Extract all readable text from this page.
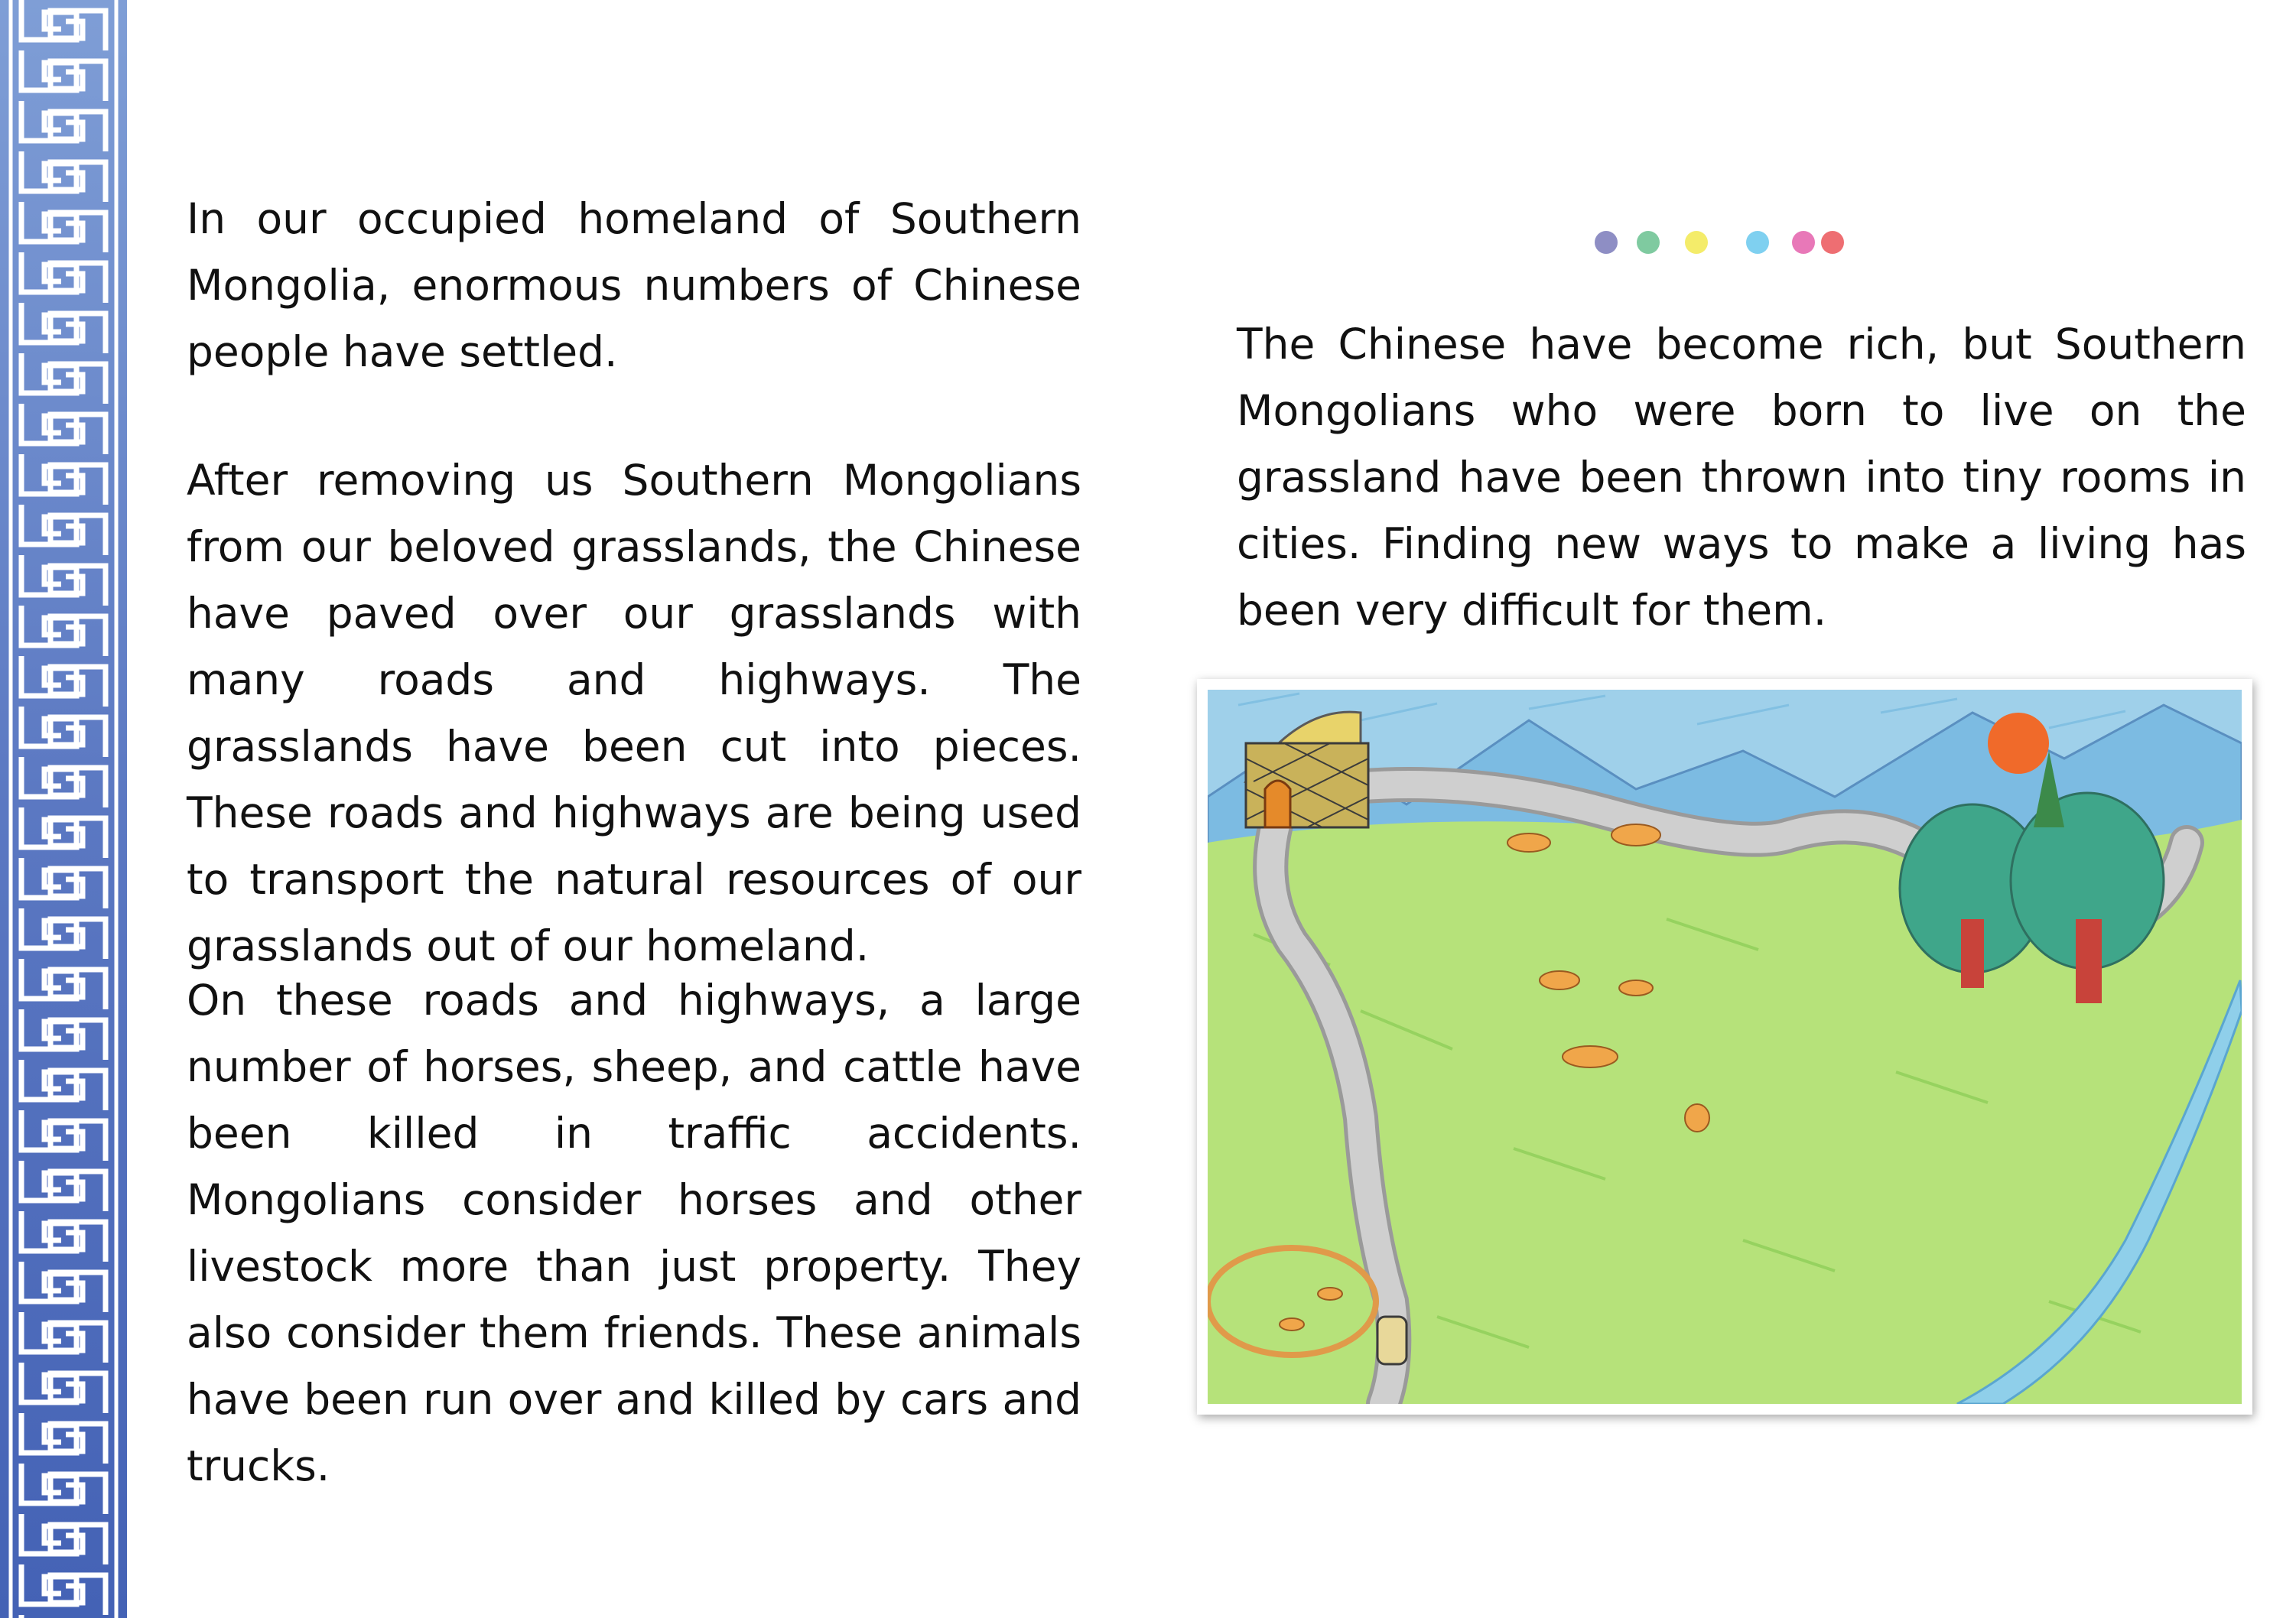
In our occupied homeland of Southern Mongolia, enormous numbers of Chinese people have settled.

After removing us Southern Mongolians from our beloved grasslands, the Chinese have paved over our grasslands with many roads and highways. The grasslands have been cut into pieces. These roads and highways are being used to transport the natural resources of our grasslands out of our homeland.

On these roads and highways, a large number of horses, sheep, and cattle have been killed in traffic accidents. Mongolians consider horses and other livestock more than just property. They also consider them friends. These animals have been run over and killed by cars and trucks.

The Chinese have become rich, but Southern Mongolians who were born to live on the grassland have been thrown into tiny rooms in cities. Finding new ways to make a living has been very difficult for them.
